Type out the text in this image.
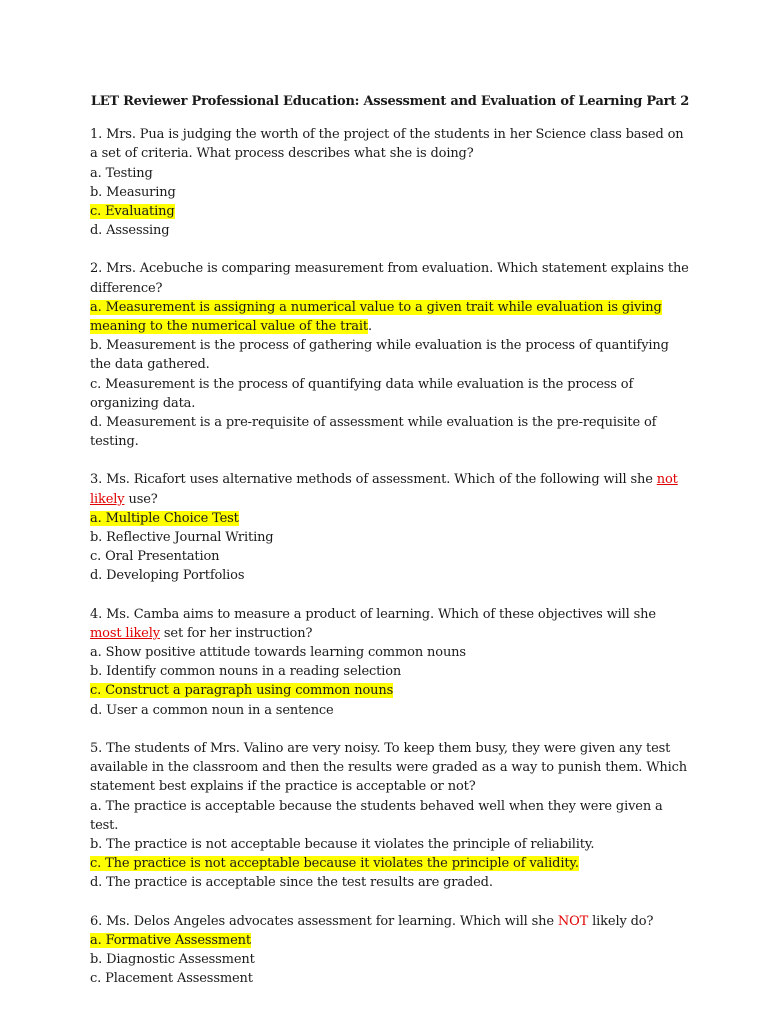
LET Reviewer Professional Education: Assessment and Evaluation of Learning Part 2

1. Mrs. Pua is judging the worth of the project of the students in her Science class based on a set of criteria. What process describes what she is doing?

a. Testing

b. Measuring

c. Evaluating

d. Assessing

2. Mrs. Acebuche is comparing measurement from evaluation. Which statement explains the difference?

a. Measurement is assigning a numerical value to a given trait while evaluation is giving meaning to the numerical value of the trait.

b. Measurement is the process of gathering while evaluation is the process of quantifying the data gathered.

c. Measurement is the process of quantifying data while evaluation is the process of organizing data.

d. Measurement is a pre-requisite of assessment while evaluation is the pre-requisite of testing.

3. Ms. Ricafort uses alternative methods of assessment. Which of the following will she not likely use?

a. Multiple Choice Test

b. Reflective Journal Writing

c. Oral Presentation

d. Developing Portfolios

4. Ms. Camba aims to measure a product of learning. Which of these objectives will she most likely set for her instruction?

a. Show positive attitude towards learning common nouns

b. Identify common nouns in a reading selection

c. Construct a paragraph using common nouns

d. User a common noun in a sentence

5. The students of Mrs. Valino are very noisy. To keep them busy, they were given any test available in the classroom and then the results were graded as a way to punish them. Which statement best explains if the practice is acceptable or not?

a. The practice is acceptable because the students behaved well when they were given a test.

b. The practice is not acceptable because it violates the principle of reliability.

c. The practice is not acceptable because it violates the principle of validity.

d. The practice is acceptable since the test results are graded.

6. Ms. Delos Angeles advocates assessment for learning. Which will she NOT likely do?

a. Formative Assessment

b. Diagnostic Assessment

c. Placement Assessment
